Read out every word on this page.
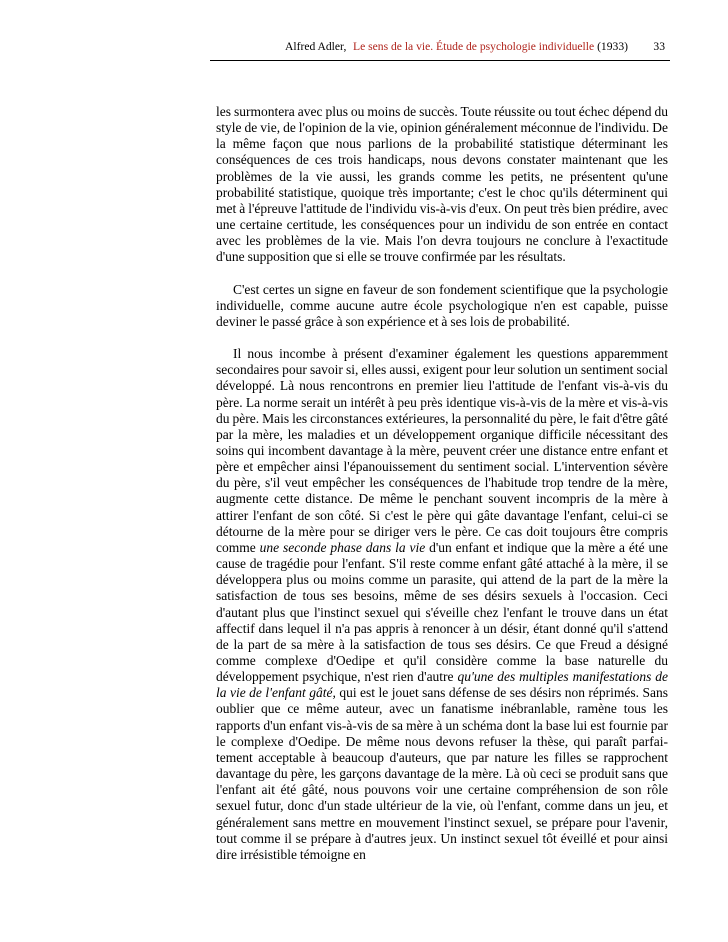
Alfred Adler, Le sens de la vie. Étude de psychologie individuelle (1933) 33

les surmontera avec plus ou moins de succès. Toute réussite ou tout échec dépend du style de vie, de l'opinion de la vie, opinion généralement méconnue de l'individu. De la même façon que nous parlions de la probabilité statistique déterminant les conséquences de ces trois handicaps, nous devons constater maintenant que les problèmes de la vie aussi, les grands comme les petits, ne présentent qu'une probabilité statistique, quoique très importante; c'est le choc qu'ils déterminent qui met à l'épreuve l'attitude de l'individu vis-à-vis d'eux. On peut très bien prédire, avec une certaine certitude, les conséquences pour un individu de son entrée en contact avec les problèmes de la vie. Mais l'on devra toujours ne conclure à l'exactitude d'une supposition que si elle se trouve confirmée par les résultats.

C'est certes un signe en faveur de son fondement scientifique que la psychologie individuelle, comme aucune autre école psychologique n'en est capable, puisse deviner le passé grâce à son expérience et à ses lois de probabilité.

Il nous incombe à présent d'examiner également les questions apparemment secondaires pour savoir si, elles aussi, exigent pour leur solution un sentiment social développé. Là nous rencontrons en premier lieu l'attitude de l'enfant vis-à-vis du père. La norme serait un intérêt à peu près identique vis-à-vis de la mère et vis-à-vis du père. Mais les circonstances extérieures, la personnalité du père, le fait d'être gâté par la mère, les maladies et un développement organique difficile nécessitant des soins qui incombent davantage à la mère, peuvent créer une distance entre enfant et père et empêcher ainsi l'épanouissement du sentiment social. L'intervention sévère du père, s'il veut empêcher les conséquences de l'habitude trop tendre de la mère, augmente cette distance. De même le penchant souvent incompris de la mère à attirer l'enfant de son côté. Si c'est le père qui gâte davantage l'enfant, celui-ci se détourne de la mère pour se diriger vers le père. Ce cas doit toujours être compris comme une seconde phase dans la vie d'un enfant et indique que la mère a été une cause de tragédie pour l'enfant. S'il reste comme enfant gâté attaché à la mère, il se développera plus ou moins comme un parasite, qui attend de la part de la mère la satisfaction de tous ses besoins, même de ses désirs sexuels à l'occasion. Ceci d'autant plus que l'instinct sexuel qui s'éveille chez l'enfant le trouve dans un état affectif dans lequel il n'a pas appris à renoncer à un désir, étant donné qu'il s'attend de la part de sa mère à la satisfaction de tous ses désirs. Ce que Freud a désigné comme complexe d'Oedipe et qu'il considère comme la base naturelle du développement psychique, n'est rien d'autre qu'une des multiples manifestations de la vie de l'enfant gâté, qui est le jouet sans défense de ses désirs non réprimés. Sans oublier que ce même auteur, avec un fanatisme inébranlable, ramène tous les rapports d'un enfant vis-à-vis de sa mère à un schéma dont la base lui est fournie par le complexe d'Oedipe. De même nous devons refuser la thèse, qui paraît parfaitement acceptable à beaucoup d'auteurs, que par nature les filles se rapprochent davantage du père, les garçons davantage de la mère. Là où ceci se produit sans que l'enfant ait été gâté, nous pouvons voir une certaine compréhension de son rôle sexuel futur, donc d'un stade ultérieur de la vie, où l'enfant, comme dans un jeu, et généralement sans mettre en mouvement l'instinct sexuel, se prépare pour l'avenir, tout comme il se prépare à d'autres jeux. Un instinct sexuel tôt éveillé et pour ainsi dire irrésistible témoigne en
